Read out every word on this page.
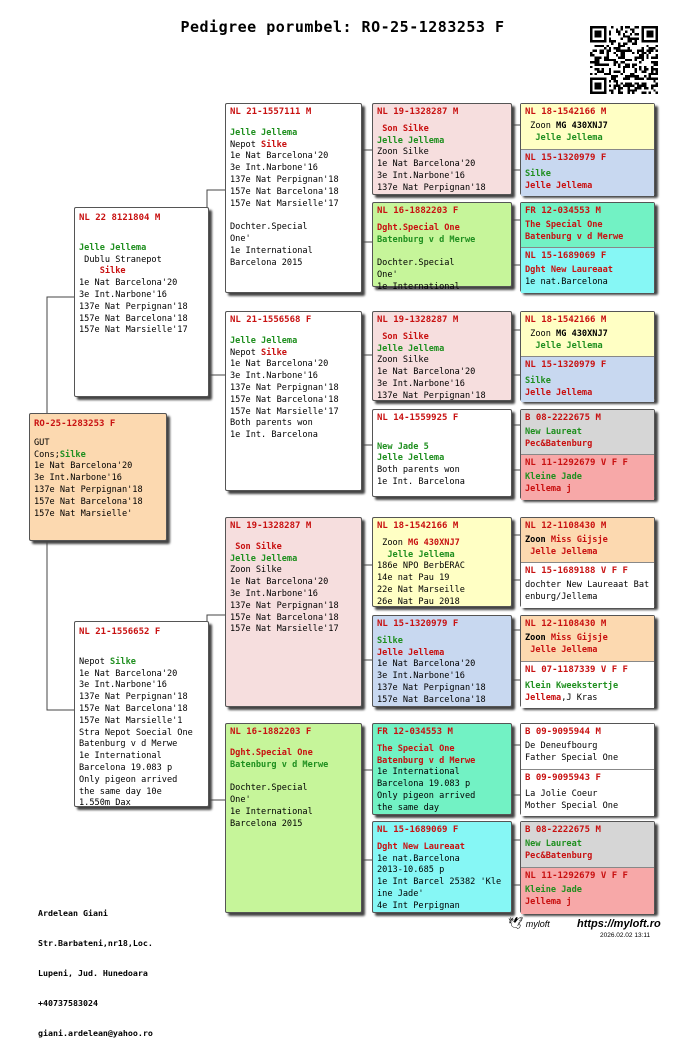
Pedigree porumbel: RO-25-1283253 F
RO-25-1283253 F
GUT
Cons;Silke
1e Nat Barcelona'20
3e Int.Narbone'16
137e Nat Perpignan'18
157e Nat Barcelona'18
157e Nat Marsielle'
NL 22 8121804 M
Jelle Jellema
Dublu Stranepot
Silke
1e Nat Barcelona'20
3e Int.Narbone'16
137e Nat Perpignan'18
157e Nat Barcelona'18
157e Nat Marsielle'17
NL 21-1556652 F
Nepot Silke
1e Nat Barcelona'20
3e Int.Narbone'16
137e Nat Perpignan'18
157e Nat Barcelona'18
157e Nat Marsielle'1
Stra Nepot Soecial One
Batenburg v d Merwe
1e International
Barcelona 19.083 p
Only pigeon arrived
the same day 10e
1.550m Dax
NL 21-1557111 M
Jelle Jellema
Nepot Silke
1e Nat Barcelona'20
3e Int.Narbone'16
137e Nat Perpignan'18
157e Nat Barcelona'18
157e Nat Marsielle'17

Dochter.Special
One'
1e International
Barcelona 2015
NL 21-1556568 F
Jelle Jellema
Nepot Silke
1e Nat Barcelona'20
3e Int.Narbone'16
137e Nat Perpignan'18
157e Nat Barcelona'18
157e Nat Marsielle'17
Both parents won
1e Int. Barcelona
NL 19-1328287 M
Son Silke
Jelle Jellema
Zoon Silke
1e Nat Barcelona'20
3e Int.Narbone'16
137e Nat Perpignan'18
157e Nat Barcelona'18
157e Nat Marsielle'17
NL 16-1882203 F
Dght.Special One
Batenburg v d Merwe

Dochter.Special
One'
1e International
Barcelona 2015
NL 19-1328287 M
Son Silke
Jelle Jellema
Zoon Silke
1e Nat Barcelona'20
3e Int.Narbone'16
137e Nat Perpignan'18
NL 16-1882203 F
Dght.Special One
Batenburg v d Merwe

Dochter.Special
One'
1e International
NL 19-1328287 M
Son Silke
Jelle Jellema
Zoon Silke
1e Nat Barcelona'20
3e Int.Narbone'16
137e Nat Perpignan'18
NL 14-1559925 F

New Jade 5
Jelle Jellema
Both parents won
1e Int. Barcelona
NL 18-1542166 M
Zoon MG 430XNJ7
Jelle Jellema
186e NPO BerbERAC
14e nat Pau 19
22e Nat Marseille
26e Nat Pau 2018
NL 15-1320979 F
Silke
Jelle Jellema
1e Nat Barcelona'20
3e Int.Narbone'16
137e Nat Perpignan'18
157e Nat Barcelona'18
FR 12-034553 M
The Special One
Batenburg v d Merwe
1e International
Barcelona 19.083 p
Only pigeon arrived
the same day
NL 15-1689069 F
Dght New Laureaat
1e nat.Barcelona
2013-10.685 p
1e Int Barcel 25382 'Kle
ine Jade'
4e Int Perpignan
NL 18-1542166 M
Zoon MG 430XNJ7
Jelle Jellema
NL 15-1320979 F
Silke
Jelle Jellema
FR 12-034553 M
The Special One
Batenburg v d Merwe
NL 15-1689069 F
Dght New Laureaat
1e nat.Barcelona
NL 18-1542166 M
Zoon MG 430XNJ7
Jelle Jellema
NL 15-1320979 F
Silke
Jelle Jellema
B 08-2222675 M
New Laureat
Pec&Batenburg
NL 11-1292679 V F F
Kleine Jade
Jellema j
NL 12-1108430 M
Zoon Miss Gijsje
Jelle Jellema
NL 15-1689188 V F F
dochter New Laureaat Bat
enburg/Jellema
NL 12-1108430 M
Zoon Miss Gijsje
Jelle Jellema
NL 07-1187339 V F F
Klein Kweekstertje
Jellema,J Kras
B 09-9095944 M
De Deneufbourg
Father Special One
B 09-9095943 F
La Jolie Coeur
Mother Special One
B 08-2222675 M
New Laureat
Pec&Batenburg
NL 11-1292679 V F F
Kleine Jade
Jellema j

Ardelean Giani

Str.Barbateni,nr18,Loc.

Lupeni, Jud. Hunedoara

+40737583024

giani.ardelean@yahoo.ro

🕊 myloft https://myloft.ro
2026.02.02 13:11
